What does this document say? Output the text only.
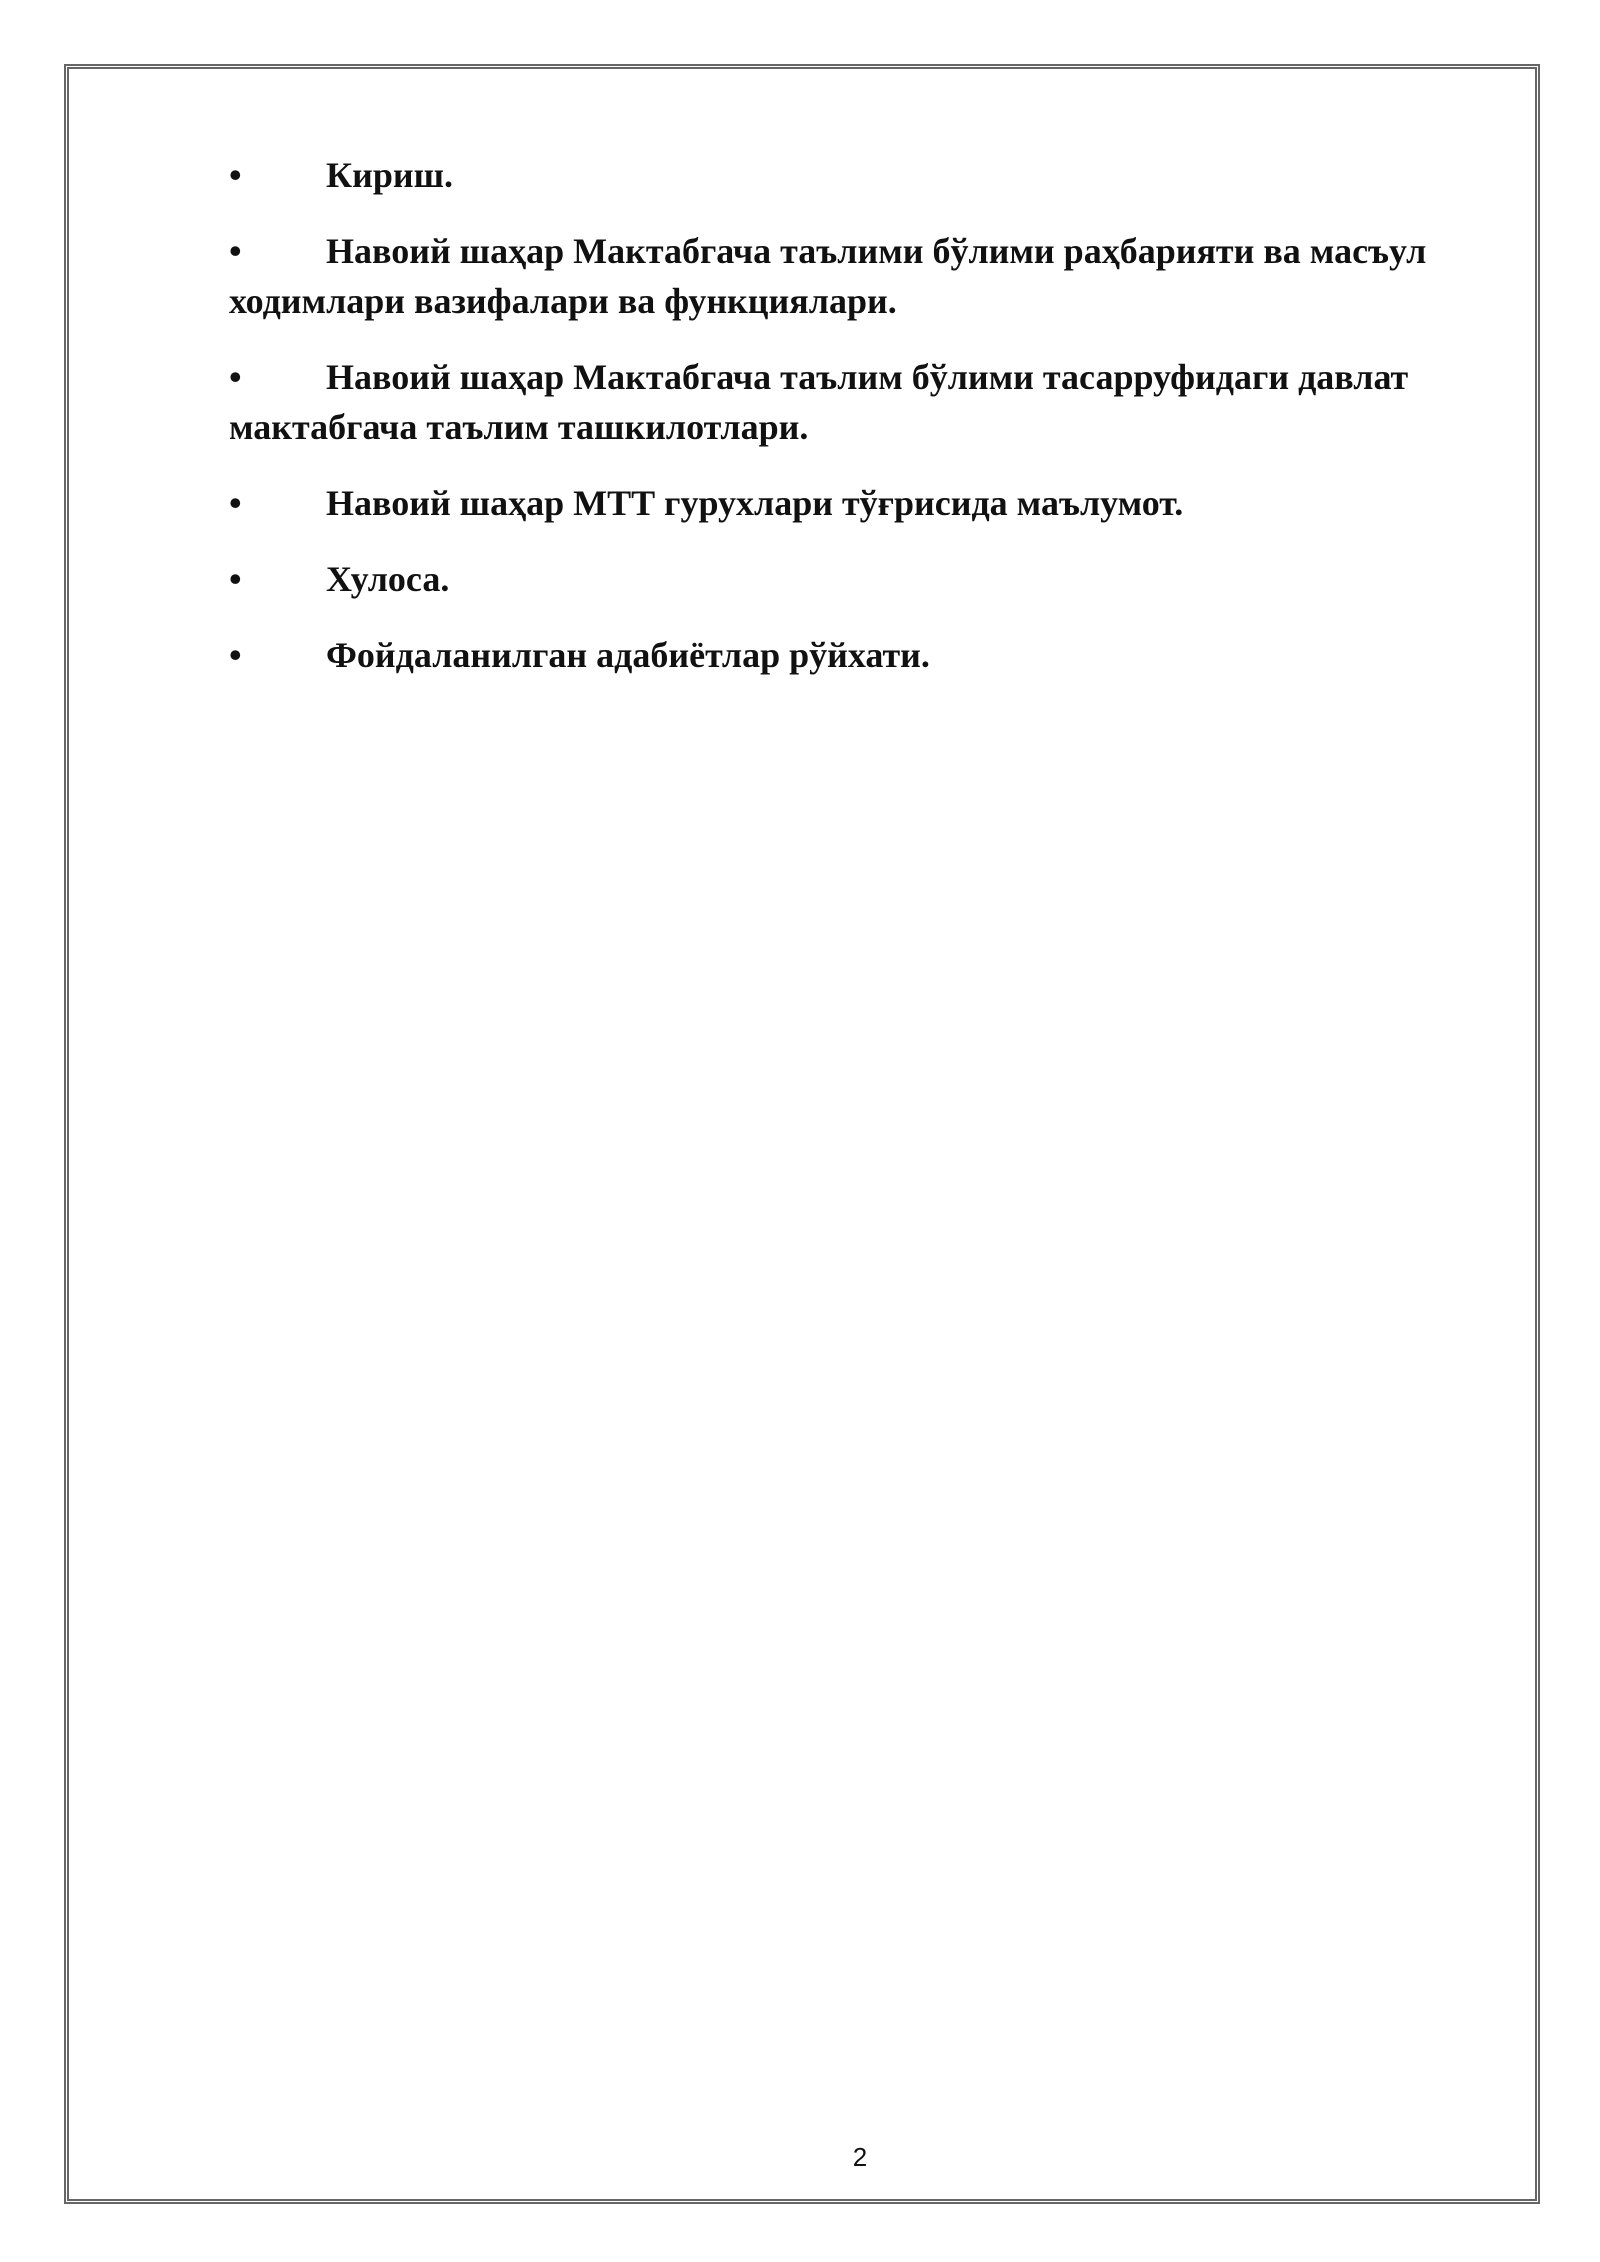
•	Кириш.

•	Навоий шаҳар Мактабгача таълими бўлими раҳбарияти ва масъул ходимлари вазифалари ва функциялари.

•	Навоий шаҳар Мактабгача таълим бўлими тасарруфидаги давлат мактабгача таълим ташкилотлари.

•	Навоий шаҳар МТТ гурухлари тўғрисида маълумот.

•	Хулоса.

•	Фойдаланилган адабиётлар рўйхати.

2
